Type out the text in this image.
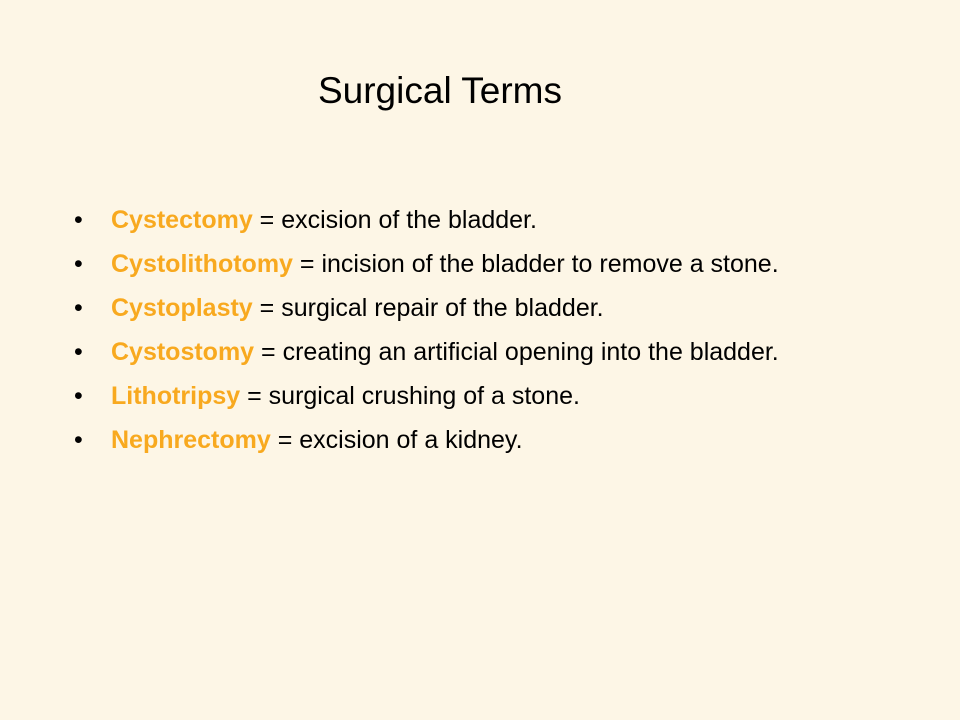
Surgical Terms
•	Cystectomy = excision of the bladder.
•	Cystolithotomy = incision of the bladder to remove a stone.
•	Cystoplasty = surgical repair of the bladder.
•	Cystostomy = creating an artificial opening into the bladder.
•	Lithotripsy = surgical crushing of a stone.
•	Nephrectomy = excision of a kidney.
